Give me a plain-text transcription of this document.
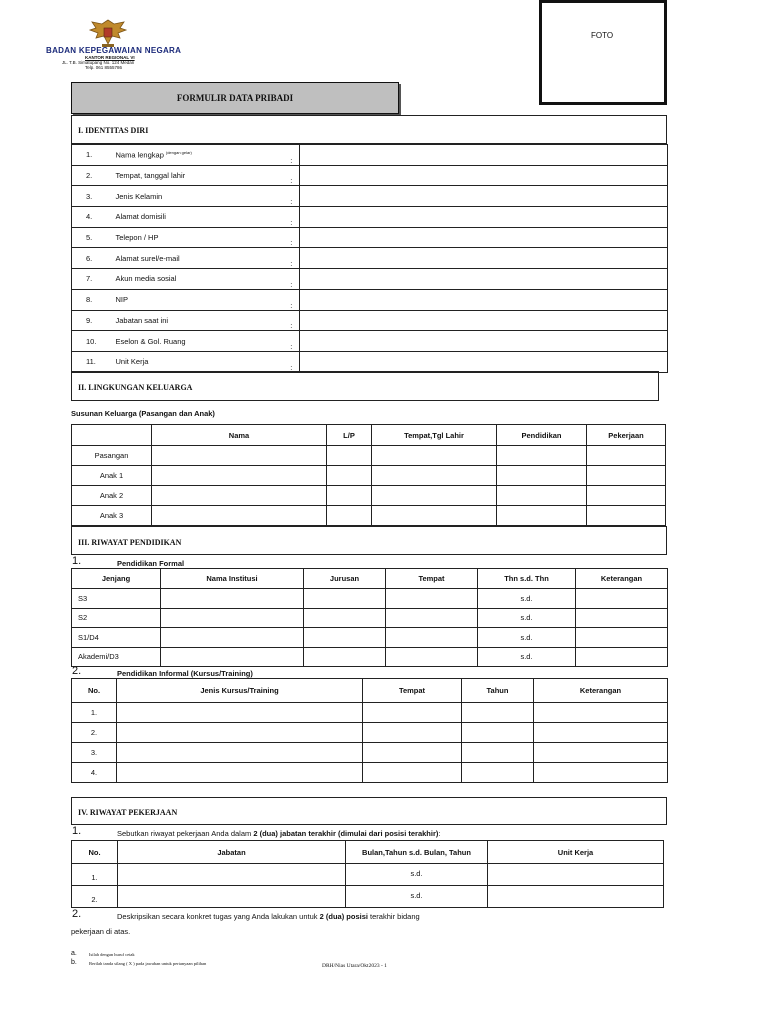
BADAN KEPEGAWAIAN NEGARA
KANTOR REGIONAL VI
JL. T.B. Simatupang No. 124 Medan
Telp. 061 8555786
FOTO
FORMULIR DATA PRIBADI
I. IDENTITAS DIRI
1.	Nama lengkap $^{(dengan gelar)}$	:	
2.	Tempat, tanggal lahir	:	
3.	Jenis Kelamin	:	
4.	Alamat domisili	:	
5.	Telepon / HP	:	
6.	Alamat surel/e-mail	:	
7.	Akun media sosial	:	
8.	NIP	:	
9.	Jabatan saat ini	:	
10.	Eselon & Gol. Ruang	:	
11.	Unit Kerja	:	
II. LINGKUNGAN KELUARGA
Susunan Keluarga (Pasangan dan Anak)
	Nama	L/P	Tempat,Tgl Lahir	Pendidikan	Pekerjaan
Pasangan					
Anak 1					
Anak 2					
Anak 3					
III. RIWAYAT PENDIDIKAN
1.	Pendidikan Formal
Jenjang	Nama Institusi	Jurusan	Tempat	Thn s.d. Thn	Keterangan
S3				s.d.	
S2				s.d.	
S1/D4				s.d.	
Akademi/D3				s.d.	
2.	Pendidikan Informal (Kursus/Training)
No.	Jenis Kursus/Training	Tempat	Tahun	Keterangan
1.				
2.				
3.				
4.				
IV. RIWAYAT PEKERJAAN
1.	Sebutkan riwayat pekerjaan Anda dalam 2 (dua) jabatan terakhir (dimulai dari posisi terakhir):
No.	Jabatan	Bulan,Tahun s.d. Bulan, Tahun	Unit Kerja
1.		s.d.	
2.		s.d.	
2.	Deskripsikan secara konkret tugas yang Anda lakukan untuk 2 (dua) posisi terakhir bidang
pekerjaan di atas.
a.	Isilah dengan huruf cetak
b.	Berilah tanda silang ( X ) pada jawaban untuk pertanyaan pilihan	DRH/Nias Utara/Okt2023 - 1
